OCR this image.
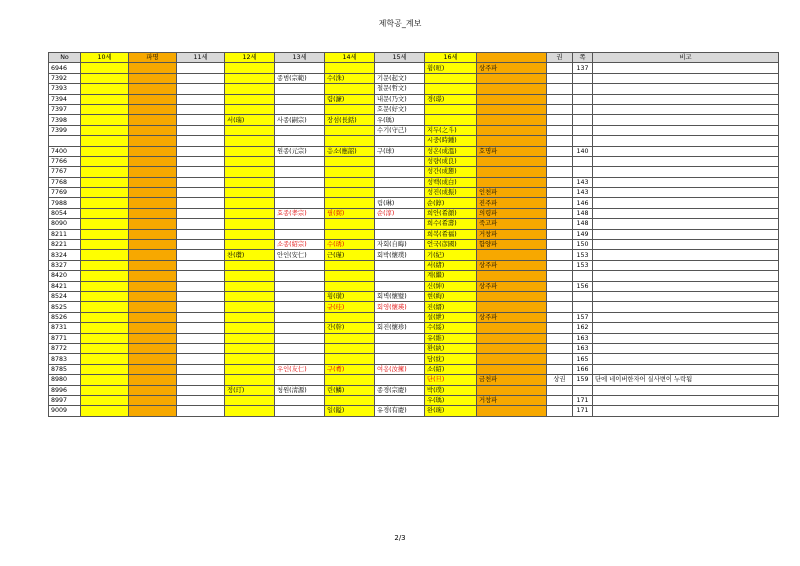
제학공_계보
No	10세	파명	11세	12세	13세	14세	15세	16세		권	쪽	비고
6946								휨(晅)	상주파		137	
7392					종범(宗範)	수(洙)	기문(起文)					
7393							철문(哲文)					
7394						렴(濂)	내문(乃文)	경(璟)				
7397							호문(好文)					
7398				서(瑞)	사종(嗣宗)	장섬(長銛)	우(瑀)					
7399							수기(守己)	지두(之斗)				
								시중(時鍾)				
7400					원종(元宗)	응소(應韶)	구(球)	성온(成溫)	호명파		140	
7766								성량(成良)				
7767								성간(成懇)				
7768								성백(成白)			143	
7769								성진(成振)	인천파		143	
7988							림(琳)	순(錞)	진주파		146	
8054					효종(孝宗)	필(弼)	순(淳)	희안(希顔)	의령파		148	
8090								희수(希壽)	죽고파		148	
8211								희복(希福)	거창파		149	
8221					소종(紹宗)	수(琇)	자회(自晦)	언국(彦國)	함양파		150	
8324				찬(瓚)	안인(安仁)	근(瑾)	회박(懷璞)	기(紀)			153	
8327								서(緖)	상주파		153	
8420								계(繼)				
8421								신(紳)	상주파		156	
8524						횡(璜)	회벽(懷璧)	현(絢)				
8525						규(珪)	회영(懷瑛)	진(縉)				
8526								설(紲)	상주파		157	
8731						간(幹)	회진(懷珍)	수(綏)			162	
8771								유(維)			163	
8772								환(紈)			163	
8783								담(紞)			165	
8785					우인(友仁)	구(耈)	여옹(汝擁)	소(紹)			166	
8980								단(旦)	금천파	상권	159	단에 네이버한자어 실사변이 누락됨
8996				정(玎)	청원(淸源)	린(鱗)	종경(宗慶)	박(璞)				
8997								우(瑀)	거창파		171	
9009						일(鎰)	유경(有慶)	완(琬)			171	
2/3
